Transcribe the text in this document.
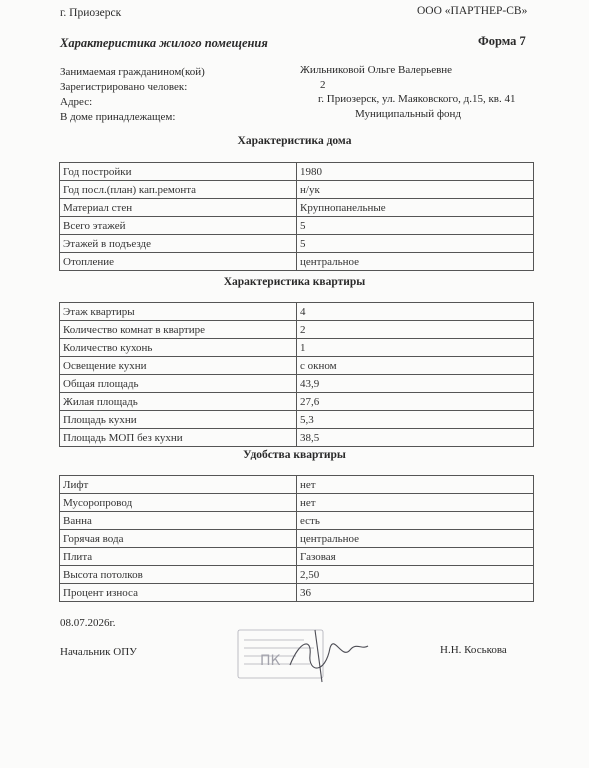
г. Приозерск	ООО «ПАРТНЕР-СВ»
Характеристика жилого помещения	Форма 7
Занимаемая гражданином(кой)	Жильниковой Ольге Валерьевне
Зарегистрировано человек:	2
Адрес:	г. Приозерск, ул. Маяковского, д.15, кв. 41
В доме принадлежащем:	Муниципальный фонд
Характеристика дома
Год постройки	1980
Год посл.(план) кап.ремонта	н/ук
Материал стен	Крупнопанельные
Всего этажей	5
Этажей в подъезде	5
Отопление	центральное
Характеристика квартиры
Этаж квартиры	4
Количество комнат в квартире	2
Количество кухонь	1
Освещение кухни	с окном
Общая площадь	43,9
Жилая площадь	27,6
Площадь кухни	5,3
Площадь МОП без кухни	38,5
Удобства квартиры
Лифт	нет
Мусоропровод	нет
Ванна	есть
Горячая вода	центральное
Плита	Газовая
Высота потолков	2,50
Процент износа	36
08.07.2026г.
Начальник ОПУ	Н.Н. Коськова
ПК
